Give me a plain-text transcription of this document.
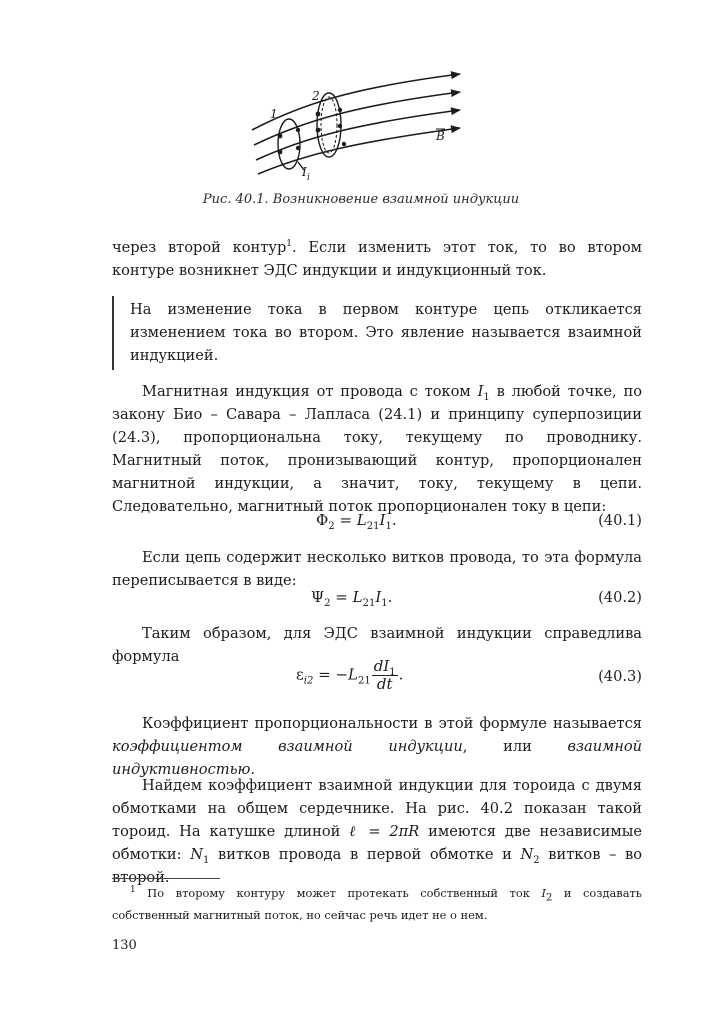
1
2
B
I i
Рис. 40.1. Возникновение взаимной индукции

через второй контур$^1$. Если изменить этот ток, то во втором контуре возникнет ЭДС индукции и индукционный ток.

На изменение тока в первом контуре цепь откликается изменением тока во втором. Это явление называется взаимной индукцией.

Магнитная индукция от провода с током $I_1$ в любой точке, по закону Био – Савара – Лапласа (24.1) и принципу суперпозиции (24.3), пропорциональна току, текущему по проводнику. Магнитный поток, пронизывающий контур, пропорционален магнитной индукции, а значит, току, текущему в цепи. Следовательно, магнитный поток пропорционален току в цепи:

$\Phi_2 = L_{21}I_1$.	(40.1)

Если цепь содержит несколько витков провода, то эта формула переписывается в виде:

$\Psi_2 = L_{21}I_1$.	(40.2)

Таким образом, для ЭДС взаимной индукции справедлива формула

$\varepsilon_{i2} = -L_{21} \frac{dI_1}{dt}$ .	(40.3)

Коэффициент пропорциональности в этой формуле называется коэффициентом взаимной индукции, или взаимной индуктивностью.

Найдем коэффициент взаимной индукции для тороида с двумя обмотками на общем сердечнике. На рис. 40.2 показан такой тороид. На катушке длиной ℓ = 2πR имеются две независимые обмотки: $N_1$ витков провода в первой обмотке и $N_2$ витков – во второй.

$^1$ По второму контуру может протекать собственный ток $I_2$ и создавать собственный магнитный поток, но сейчас речь идет не о нем.

130
